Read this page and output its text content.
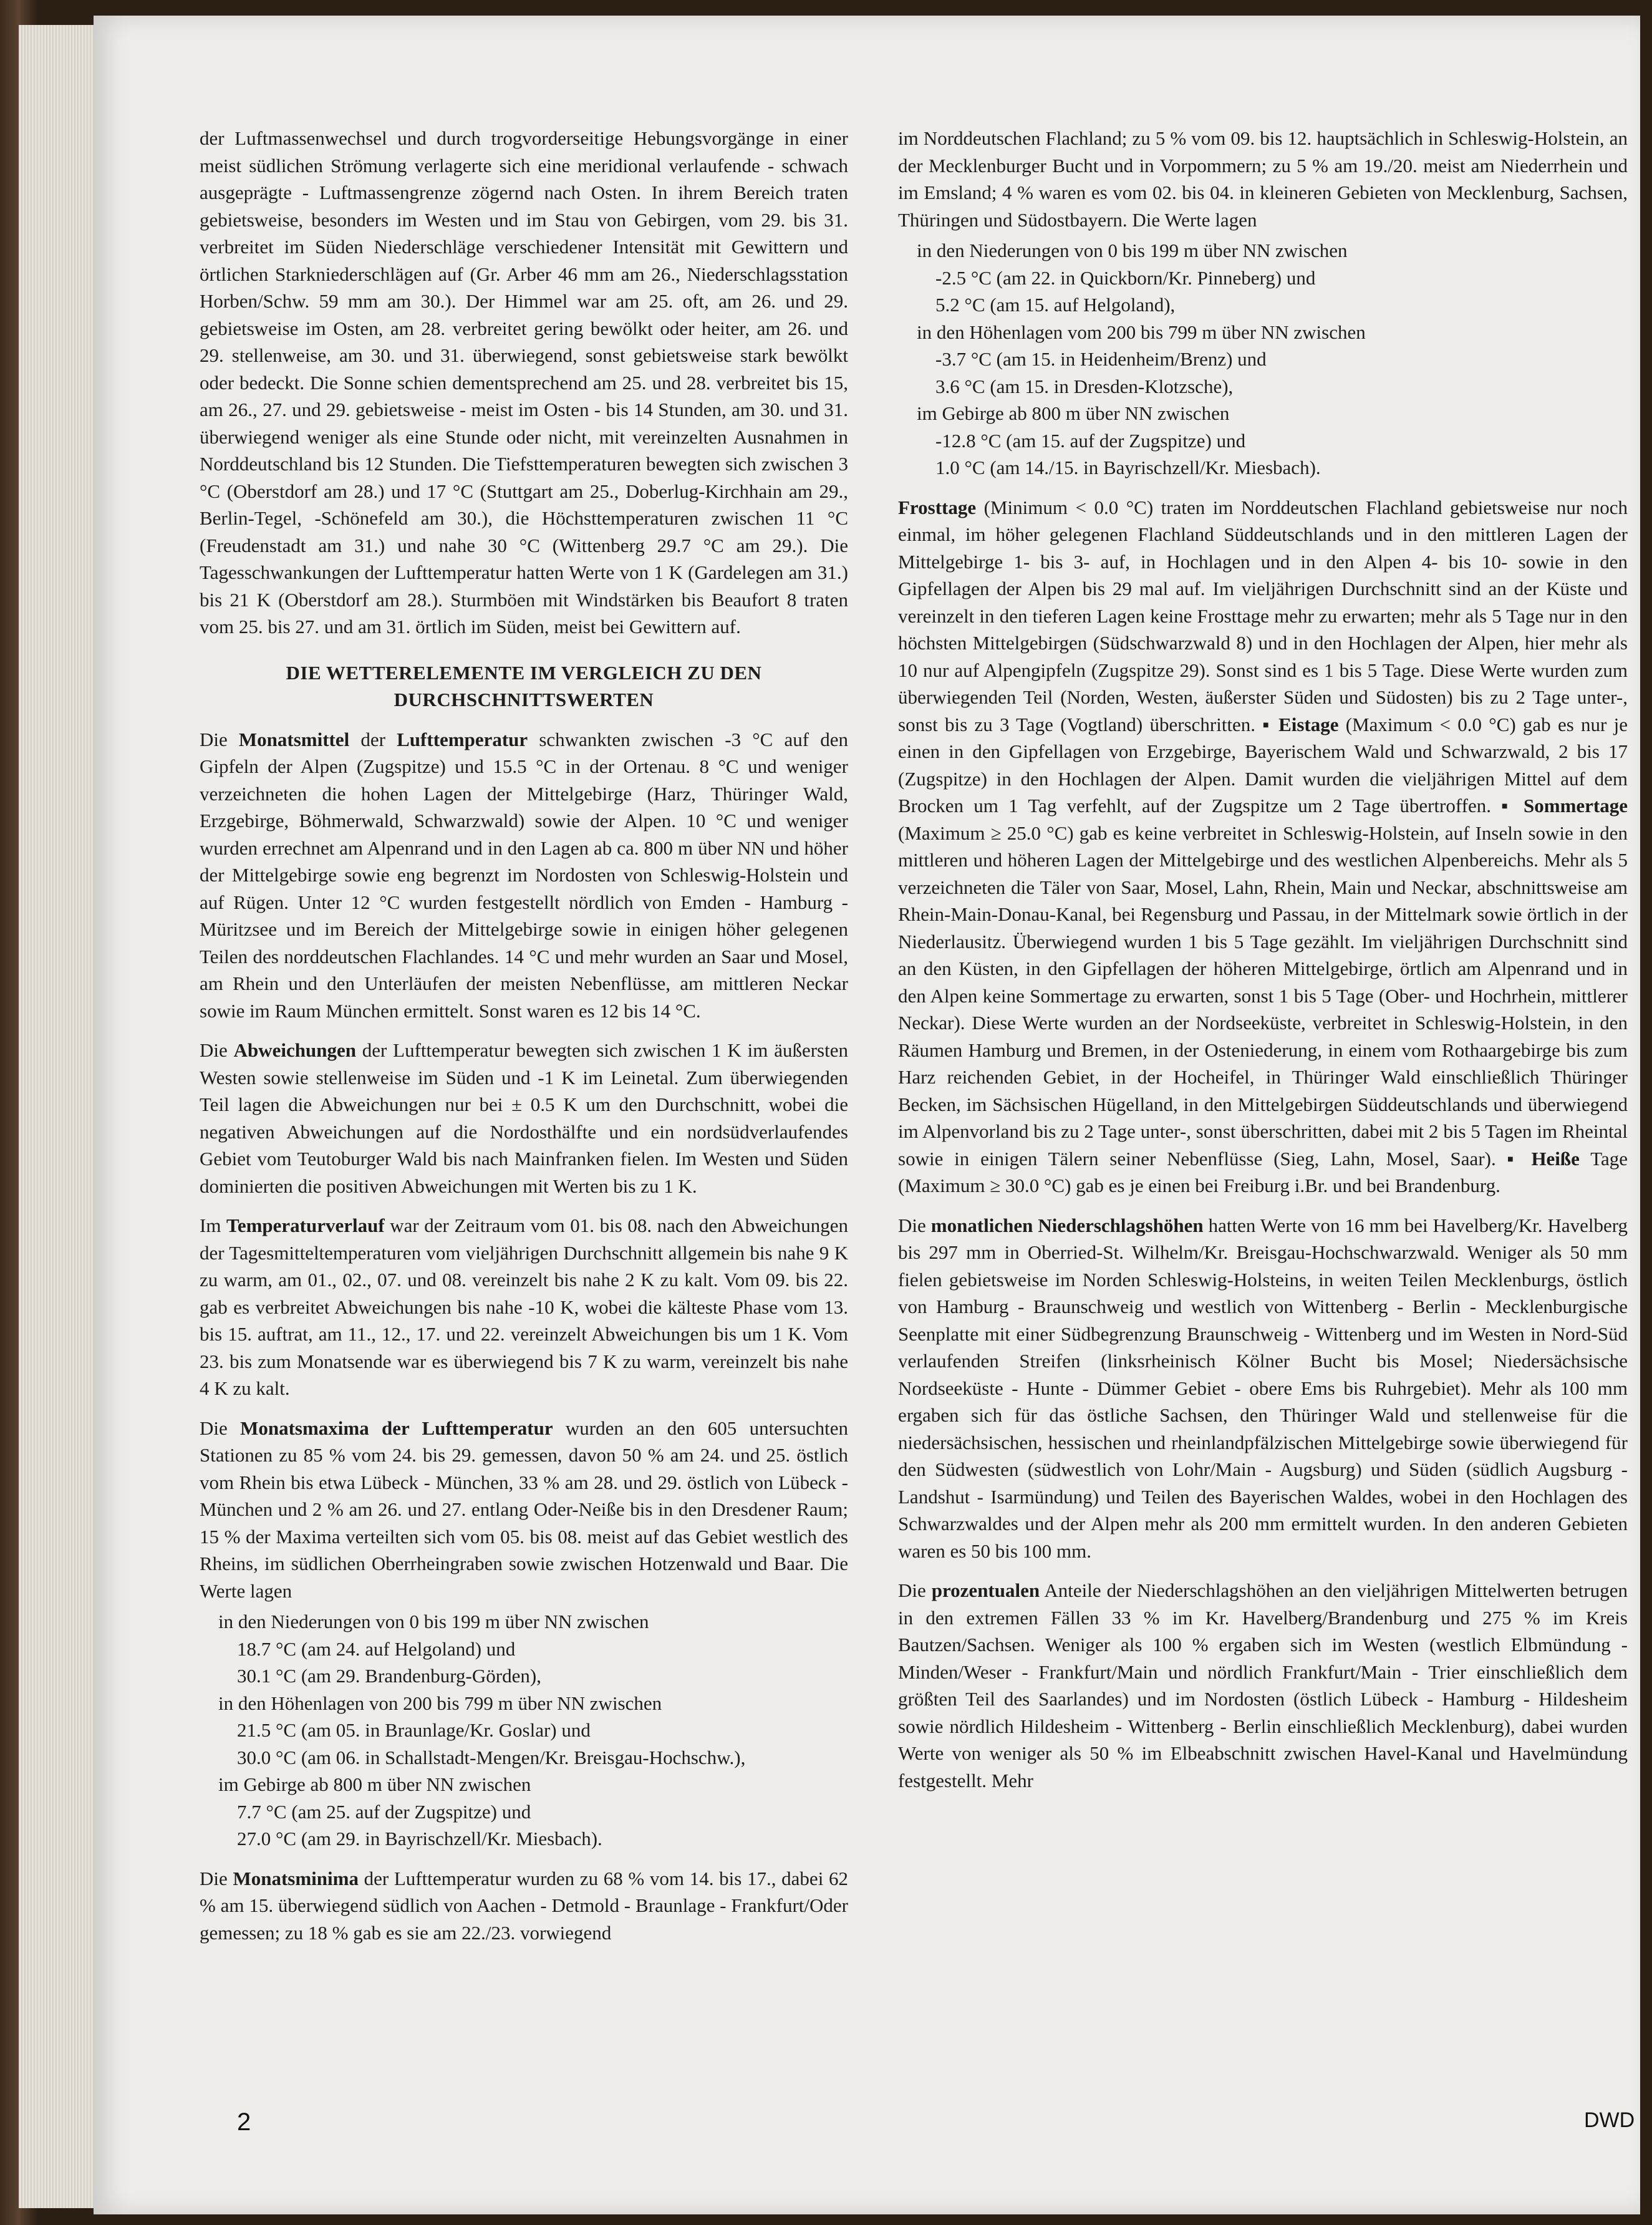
der Luftmassenwechsel und durch trogvorderseitige Hebungsvorgänge in einer meist südlichen Strömung verlagerte sich eine meridional verlaufende - schwach ausgeprägte - Luftmassengrenze zögernd nach Osten. In ihrem Bereich traten gebietsweise, besonders im Westen und im Stau von Gebirgen, vom 29. bis 31. verbreitet im Süden Niederschläge verschiedener Intensität mit Gewittern und örtlichen Starkniederschlägen auf (Gr. Arber 46 mm am 26., Niederschlagsstation Horben/Schw. 59 mm am 30.). Der Himmel war am 25. oft, am 26. und 29. gebietsweise im Osten, am 28. verbreitet gering bewölkt oder heiter, am 26. und 29. stellenweise, am 30. und 31. überwiegend, sonst gebietsweise stark bewölkt oder bedeckt. Die Sonne schien dementsprechend am 25. und 28. verbreitet bis 15, am 26., 27. und 29. gebietsweise - meist im Osten - bis 14 Stunden, am 30. und 31. überwiegend weniger als eine Stunde oder nicht, mit vereinzelten Ausnahmen in Norddeutschland bis 12 Stunden. Die Tiefsttemperaturen bewegten sich zwischen 3 °C (Oberstdorf am 28.) und 17 °C (Stuttgart am 25., Doberlug-Kirchhain am 29., Berlin-Tegel, -Schönefeld am 30.), die Höchsttemperaturen zwischen 11 °C (Freudenstadt am 31.) und nahe 30 °C (Wittenberg 29.7 °C am 29.). Die Tagesschwankungen der Lufttemperatur hatten Werte von 1 K (Gardelegen am 31.) bis 21 K (Oberstdorf am 28.). Sturmböen mit Windstärken bis Beaufort 8 traten vom 25. bis 27. und am 31. örtlich im Süden, meist bei Gewittern auf.

DIE WETTERELEMENTE IM VERGLEICH ZU DEN DURCHSCHNITTSWERTEN

Die Monatsmittel der Lufttemperatur schwankten zwischen -3 °C auf den Gipfeln der Alpen (Zugspitze) und 15.5 °C in der Ortenau. 8 °C und weniger verzeichneten die hohen Lagen der Mittelgebirge (Harz, Thüringer Wald, Erzgebirge, Böhmerwald, Schwarzwald) sowie der Alpen. 10 °C und weniger wurden errechnet am Alpenrand und in den Lagen ab ca. 800 m über NN und höher der Mittelgebirge sowie eng begrenzt im Nordosten von Schleswig-Holstein und auf Rügen. Unter 12 °C wurden festgestellt nördlich von Emden - Hamburg - Müritzsee und im Bereich der Mittelgebirge sowie in einigen höher gelegenen Teilen des norddeutschen Flachlandes. 14 °C und mehr wurden an Saar und Mosel, am Rhein und den Unterläufen der meisten Nebenflüsse, am mittleren Neckar sowie im Raum München ermittelt. Sonst waren es 12 bis 14 °C.

Die Abweichungen der Lufttemperatur bewegten sich zwischen 1 K im äußersten Westen sowie stellenweise im Süden und -1 K im Leinetal. Zum überwiegenden Teil lagen die Abweichungen nur bei ± 0.5 K um den Durchschnitt, wobei die negativen Abweichungen auf die Nordosthälfte und ein nordsüdverlaufendes Gebiet vom Teutoburger Wald bis nach Mainfranken fielen. Im Westen und Süden dominierten die positiven Abweichungen mit Werten bis zu 1 K.

Im Temperaturverlauf war der Zeitraum vom 01. bis 08. nach den Abweichungen der Tagesmitteltemperaturen vom vieljährigen Durchschnitt allgemein bis nahe 9 K zu warm, am 01., 02., 07. und 08. vereinzelt bis nahe 2 K zu kalt. Vom 09. bis 22. gab es verbreitet Abweichungen bis nahe -10 K, wobei die kälteste Phase vom 13. bis 15. auftrat, am 11., 12., 17. und 22. vereinzelt Abweichungen bis um 1 K. Vom 23. bis zum Monatsende war es überwiegend bis 7 K zu warm, vereinzelt bis nahe 4 K zu kalt.

Die Monatsmaxima der Lufttemperatur wurden an den 605 untersuchten Stationen zu 85 % vom 24. bis 29. gemessen, davon 50 % am 24. und 25. östlich vom Rhein bis etwa Lübeck - München, 33 % am 28. und 29. östlich von Lübeck - München und 2 % am 26. und 27. entlang Oder-Neiße bis in den Dresdener Raum; 15 % der Maxima verteilten sich vom 05. bis 08. meist auf das Gebiet westlich des Rheins, im südlichen Oberrheingraben sowie zwischen Hotzenwald und Baar. Die Werte lagen

in den Niederungen von 0 bis 199 m über NN zwischen
18.7 °C (am 24. auf Helgoland) und
30.1 °C (am 29. Brandenburg-Görden),
in den Höhenlagen von 200 bis 799 m über NN zwischen
21.5 °C (am 05. in Braunlage/Kr. Goslar) und
30.0 °C (am 06. in Schallstadt-Mengen/Kr. Breisgau-Hochschw.),
im Gebirge ab 800 m über NN zwischen
7.7 °C (am 25. auf der Zugspitze) und
27.0 °C (am 29. in Bayrischzell/Kr. Miesbach).

Die Monatsminima der Lufttemperatur wurden zu 68 % vom 14. bis 17., dabei 62 % am 15. überwiegend südlich von Aachen - Detmold - Braunlage - Frankfurt/Oder gemessen; zu 18 % gab es sie am 22./23. vorwiegend

im Norddeutschen Flachland; zu 5 % vom 09. bis 12. hauptsächlich in Schleswig-Holstein, an der Mecklenburger Bucht und in Vorpommern; zu 5 % am 19./20. meist am Niederrhein und im Emsland; 4 % waren es vom 02. bis 04. in kleineren Gebieten von Mecklenburg, Sachsen, Thüringen und Südostbayern. Die Werte lagen

in den Niederungen von 0 bis 199 m über NN zwischen
-2.5 °C (am 22. in Quickborn/Kr. Pinneberg) und
5.2 °C (am 15. auf Helgoland),
in den Höhenlagen vom 200 bis 799 m über NN zwischen
-3.7 °C (am 15. in Heidenheim/Brenz) und
3.6 °C (am 15. in Dresden-Klotzsche),
im Gebirge ab 800 m über NN zwischen
-12.8 °C (am 15. auf der Zugspitze) und
1.0 °C (am 14./15. in Bayrischzell/Kr. Miesbach).

Frosttage (Minimum < 0.0 °C) traten im Norddeutschen Flachland gebietsweise nur noch einmal, im höher gelegenen Flachland Süddeutschlands und in den mittleren Lagen der Mittelgebirge 1- bis 3- auf, in Hochlagen und in den Alpen 4- bis 10- sowie in den Gipfellagen der Alpen bis 29 mal auf. Im vieljährigen Durchschnitt sind an der Küste und vereinzelt in den tieferen Lagen keine Frosttage mehr zu erwarten; mehr als 5 Tage nur in den höchsten Mittelgebirgen (Südschwarzwald 8) und in den Hochlagen der Alpen, hier mehr als 10 nur auf Alpengipfeln (Zugspitze 29). Sonst sind es 1 bis 5 Tage. Diese Werte wurden zum überwiegenden Teil (Norden, Westen, äußerster Süden und Südosten) bis zu 2 Tage unter-, sonst bis zu 3 Tage (Vogtland) überschritten. ▪ Eistage (Maximum < 0.0 °C) gab es nur je einen in den Gipfellagen von Erzgebirge, Bayerischem Wald und Schwarzwald, 2 bis 17 (Zugspitze) in den Hochlagen der Alpen. Damit wurden die vieljährigen Mittel auf dem Brocken um 1 Tag verfehlt, auf der Zugspitze um 2 Tage übertroffen. ▪ Sommertage (Maximum ≥ 25.0 °C) gab es keine verbreitet in Schleswig-Holstein, auf Inseln sowie in den mittleren und höheren Lagen der Mittelgebirge und des westlichen Alpenbereichs. Mehr als 5 verzeichneten die Täler von Saar, Mosel, Lahn, Rhein, Main und Neckar, abschnittsweise am Rhein-Main-Donau-Kanal, bei Regensburg und Passau, in der Mittelmark sowie örtlich in der Niederlausitz. Überwiegend wurden 1 bis 5 Tage gezählt. Im vieljährigen Durchschnitt sind an den Küsten, in den Gipfellagen der höheren Mittelgebirge, örtlich am Alpenrand und in den Alpen keine Sommertage zu erwarten, sonst 1 bis 5 Tage (Ober- und Hochrhein, mittlerer Neckar). Diese Werte wurden an der Nordseeküste, verbreitet in Schleswig-Holstein, in den Räumen Hamburg und Bremen, in der Osteniederung, in einem vom Rothaargebirge bis zum Harz reichenden Gebiet, in der Hocheifel, in Thüringer Wald einschließlich Thüringer Becken, im Sächsischen Hügelland, in den Mittelgebirgen Süddeutschlands und überwiegend im Alpenvorland bis zu 2 Tage unter-, sonst überschritten, dabei mit 2 bis 5 Tagen im Rheintal sowie in einigen Tälern seiner Nebenflüsse (Sieg, Lahn, Mosel, Saar). ▪ Heiße Tage (Maximum ≥ 30.0 °C) gab es je einen bei Freiburg i.Br. und bei Brandenburg.

Die monatlichen Niederschlagshöhen hatten Werte von 16 mm bei Havelberg/Kr. Havelberg bis 297 mm in Oberried-St. Wilhelm/Kr. Breisgau-Hochschwarzwald. Weniger als 50 mm fielen gebietsweise im Norden Schleswig-Holsteins, in weiten Teilen Mecklenburgs, östlich von Hamburg - Braunschweig und westlich von Wittenberg - Berlin - Mecklenburgische Seenplatte mit einer Südbegrenzung Braunschweig - Wittenberg und im Westen in Nord-Süd verlaufenden Streifen (linksrheinisch Kölner Bucht bis Mosel; Niedersächsische Nordseeküste - Hunte - Dümmer Gebiet - obere Ems bis Ruhrgebiet). Mehr als 100 mm ergaben sich für das östliche Sachsen, den Thüringer Wald und stellenweise für die niedersächsischen, hessischen und rheinlandpfälzischen Mittelgebirge sowie überwiegend für den Südwesten (südwestlich von Lohr/Main - Augsburg) und Süden (südlich Augsburg - Landshut - Isarmündung) und Teilen des Bayerischen Waldes, wobei in den Hochlagen des Schwarzwaldes und der Alpen mehr als 200 mm ermittelt wurden. In den anderen Gebieten waren es 50 bis 100 mm.

Die prozentualen Anteile der Niederschlagshöhen an den vieljährigen Mittelwerten betrugen in den extremen Fällen 33 % im Kr. Havelberg/Brandenburg und 275 % im Kreis Bautzen/Sachsen. Weniger als 100 % ergaben sich im Westen (westlich Elbmündung - Minden/Weser - Frankfurt/Main und nördlich Frankfurt/Main - Trier einschließlich dem größten Teil des Saarlandes) und im Nordosten (östlich Lübeck - Hamburg - Hildesheim sowie nördlich Hildesheim - Wittenberg - Berlin einschließlich Mecklenburg), dabei wurden Werte von weniger als 50 % im Elbeabschnitt zwischen Havel-Kanal und Havelmündung festgestellt. Mehr

2	DWD
